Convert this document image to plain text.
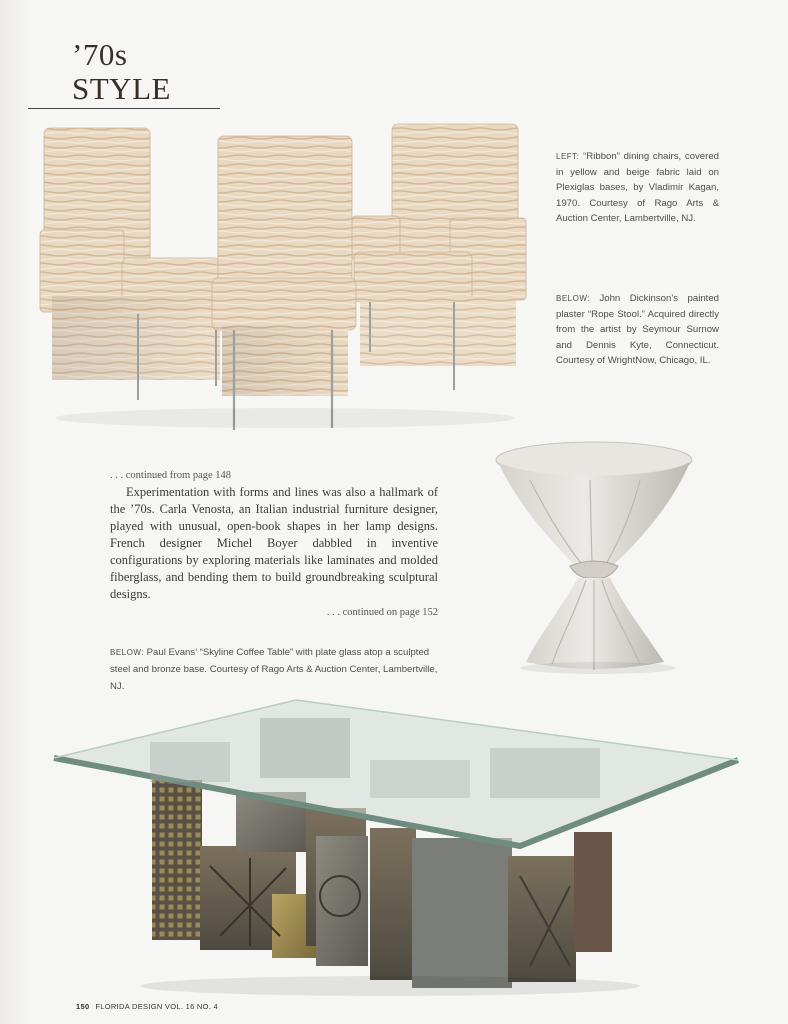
’70s STYLE
LEFT: “Ribbon” dining chairs, covered in yellow and beige fabric laid on Plexiglas bases, by Vladimir Kagan, 1970. Courtesy of Rago Arts & Auction Center, Lambertville, NJ.
BELOW: John Dickinson’s painted plaster “Rope Stool.” Acquired directly from the artist by Seymour Surnow and Dennis Kyte, Connecticut. Courtesy of WrightNow, Chicago, IL.

. . . continued from page 148

Experimentation with forms and lines was also a hallmark of the ’70s. Carla Venosta, an Italian industrial furniture designer, played with unusual, open-book shapes in her lamp designs. French designer Michel Boyer dabbled in inventive configurations by exploring materials like laminates and molded fiberglass, and bending them to build groundbreaking sculptural designs.

. . . continued on page 152

BELOW: Paul Evans’ “Skyline Coffee Table” with plate glass atop a sculpted steel and bronze base. Courtesy of Rago Arts & Auction Center, Lambertville, NJ.
150 FLORIDA DESIGN VOL. 16 NO. 4
